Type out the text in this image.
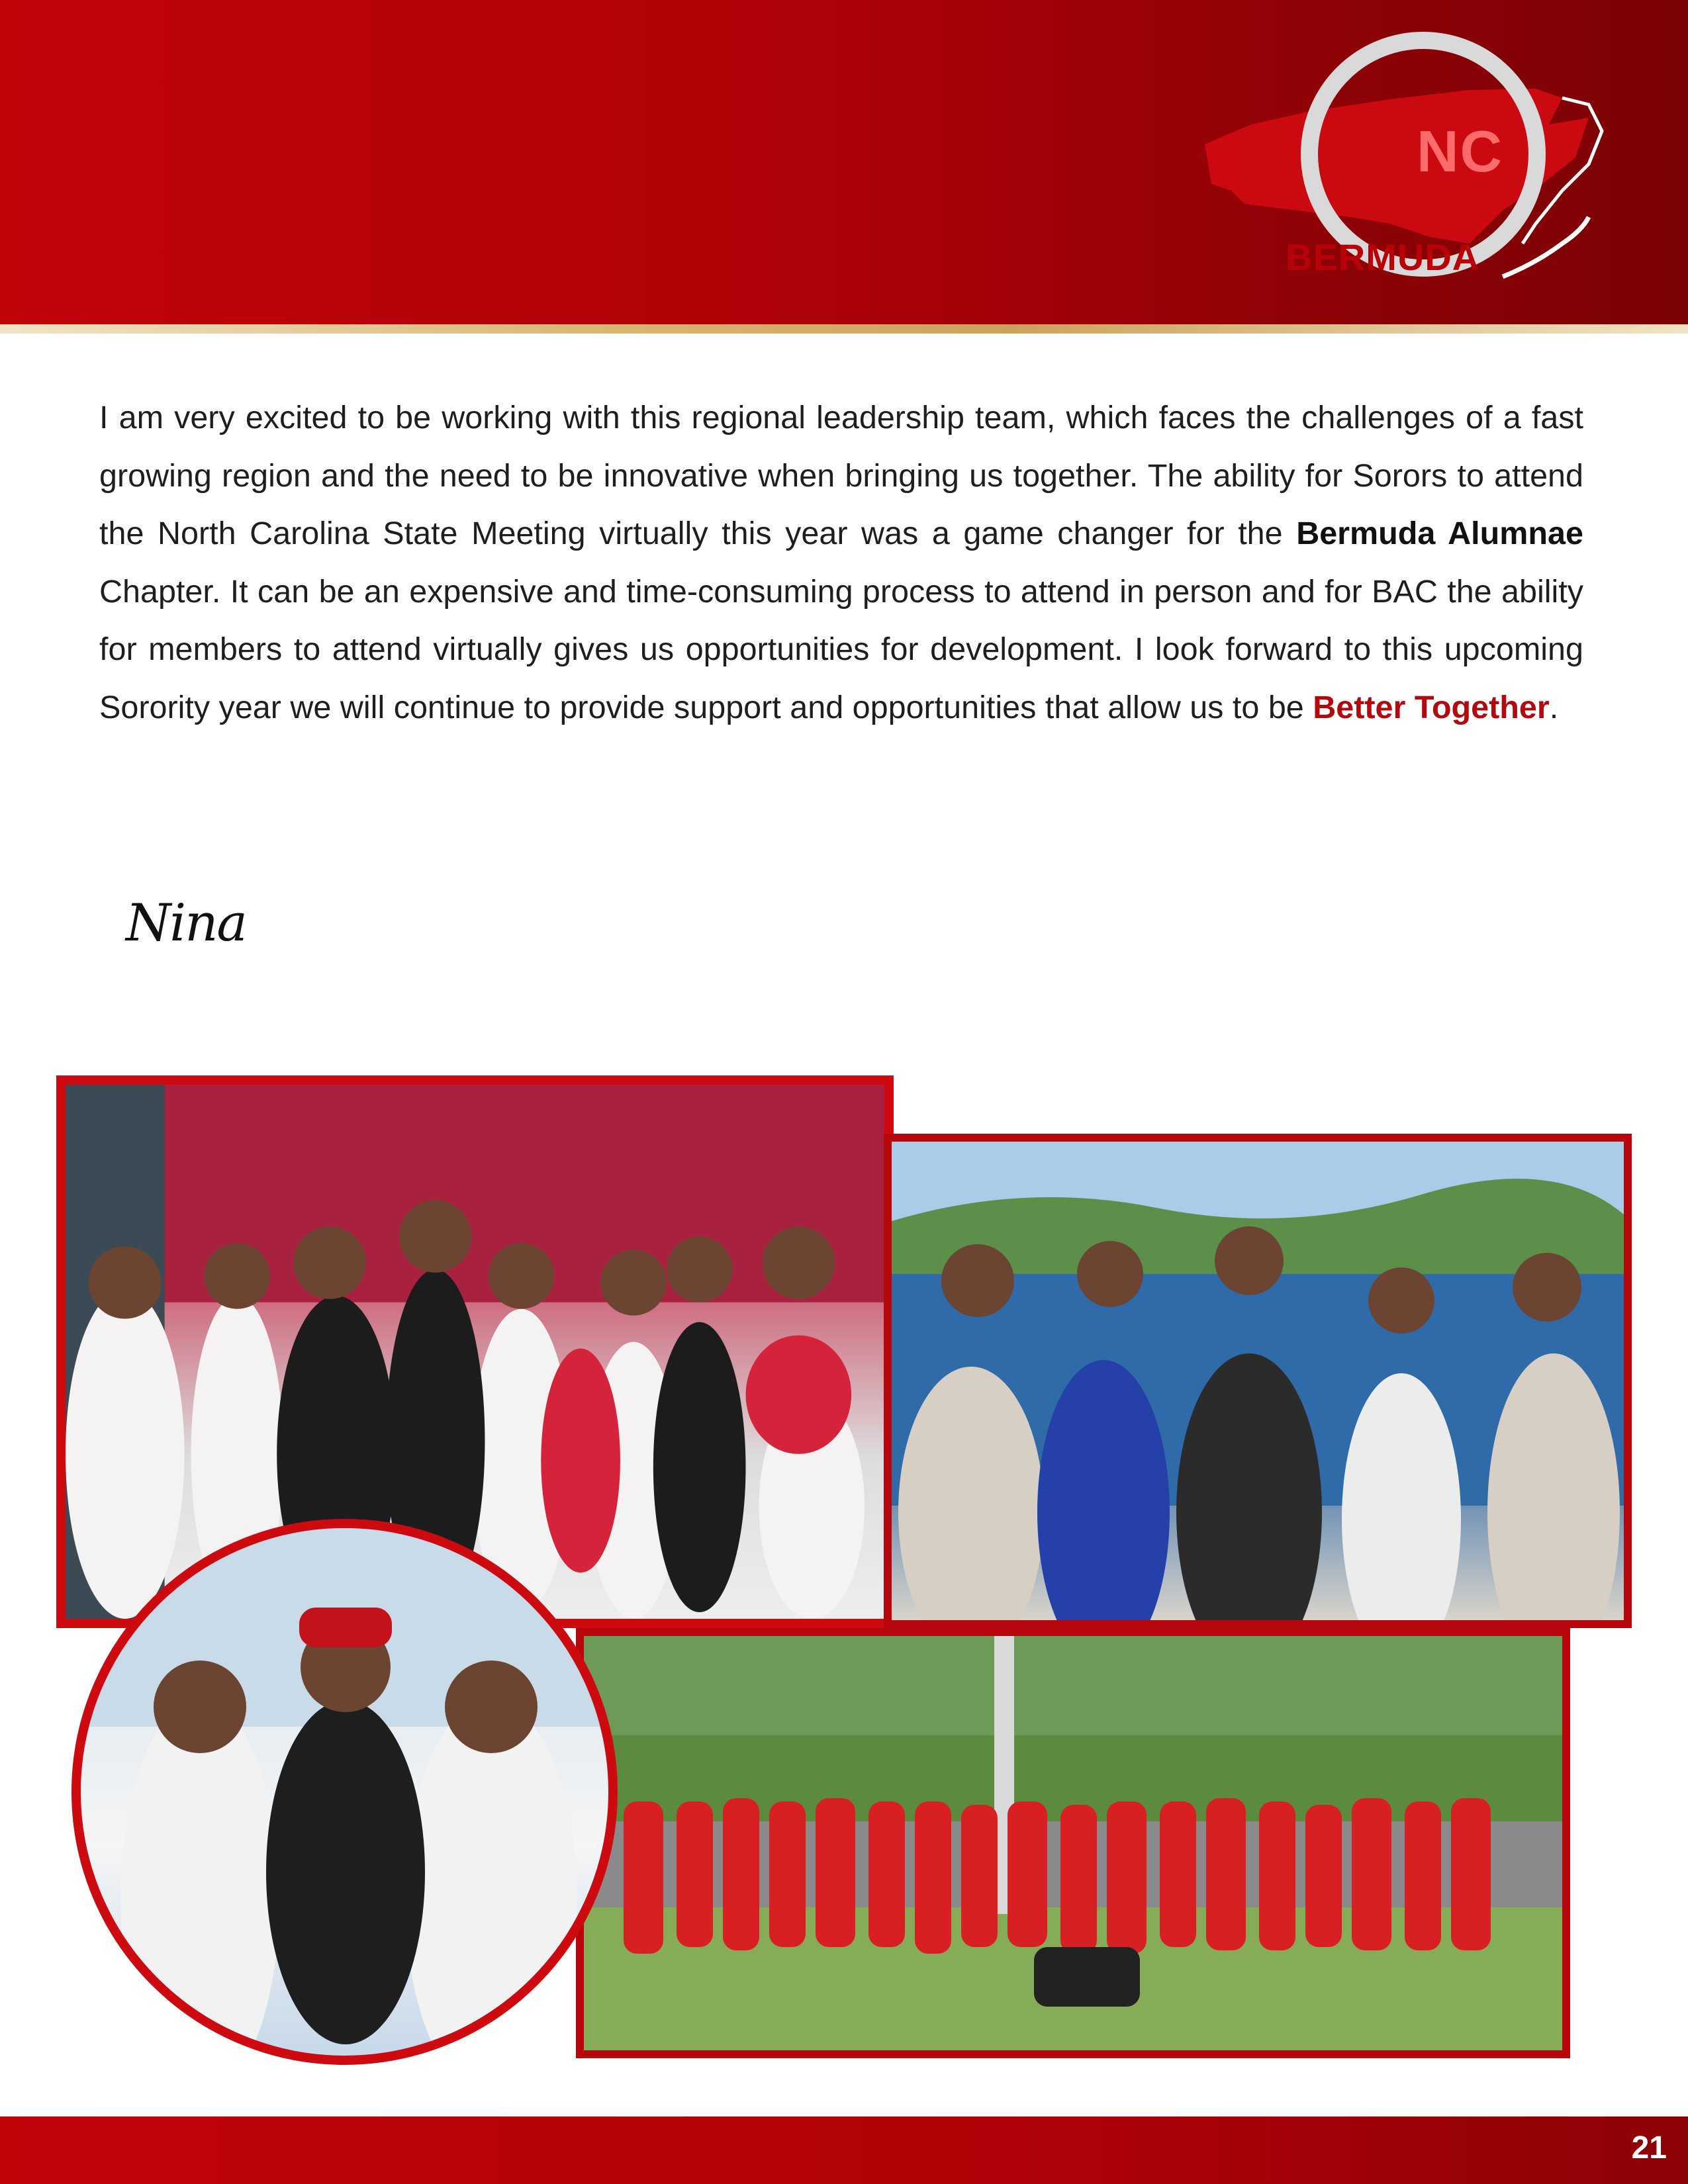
NC
BERMUDA
I am very excited to be working with this regional leadership team, which faces the challenges of a fast growing region and the need to be innovative when bringing us together. The ability for Sorors to attend the North Carolina State Meeting virtually this year was a game changer for the Bermuda Alumnae Chapter. It can be an expensive and time-consuming process to attend in person and for BAC the ability for members to attend virtually gives us opportunities for development. I look forward to this upcoming Sorority year we will continue to provide support and opportunities that allow us to be Better Together.
Nina
21
